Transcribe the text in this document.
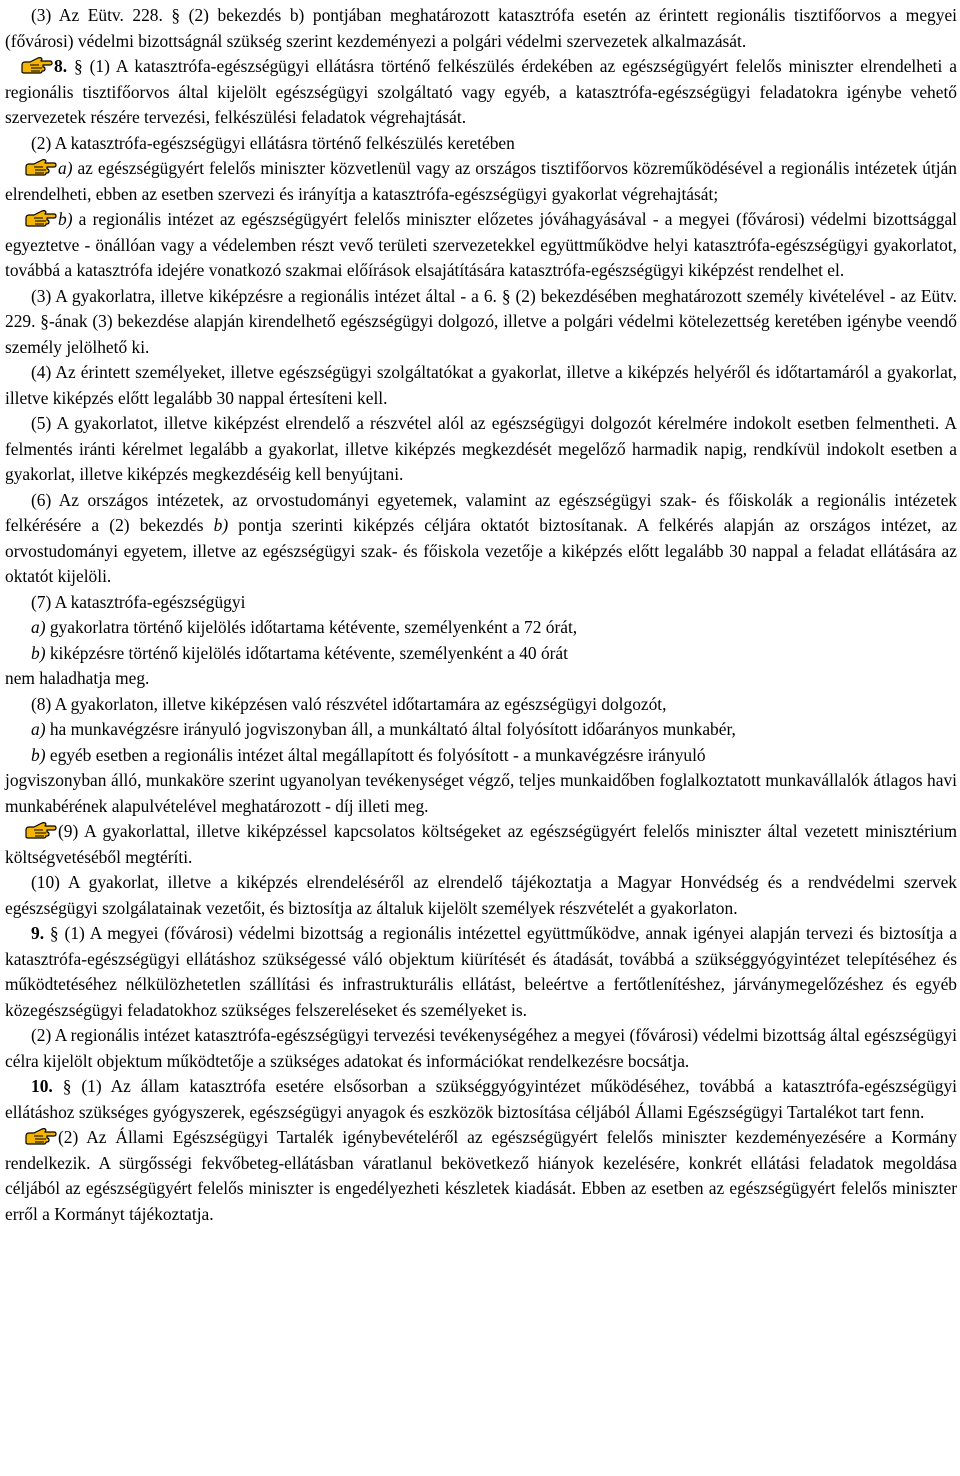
(3) Az Eütv. 228. § (2) bekezdés b) pontjában meghatározott katasztrófa esetén az érintett regionális tisztifőorvos a megyei (fővárosi) védelmi bizottságnál szükség szerint kezdeményezi a polgári védelmi szervezetek alkalmazását.

8. § (1) A katasztrófa-egészségügyi ellátásra történő felkészülés érdekében az egészségügyért felelős miniszter elrendelheti a regionális tisztifőorvos által kijelölt egészségügyi szolgáltató vagy egyéb, a katasztrófa-egészségügyi feladatokra igénybe vehető szervezetek részére tervezési, felkészülési feladatok végrehajtását.

(2) A katasztrófa-egészségügyi ellátásra történő felkészülés keretében

a) az egészségügyért felelős miniszter közvetlenül vagy az országos tisztifőorvos közreműködésével a regionális intézetek útján elrendelheti, ebben az esetben szervezi és irányítja a katasztrófa-egészségügyi gyakorlat végrehajtását;

b) a regionális intézet az egészségügyért felelős miniszter előzetes jóváhagyásával - a megyei (fővárosi) védelmi bizottsággal egyeztetve - önállóan vagy a védelemben részt vevő területi szervezetekkel együttműködve helyi katasztrófa-egészségügyi gyakorlatot, továbbá a katasztrófa idejére vonatkozó szakmai előírások elsajátítására katasztrófa-egészségügyi kiképzést rendelhet el.

(3) A gyakorlatra, illetve kiképzésre a regionális intézet által - a 6. § (2) bekezdésében meghatározott személy kivételével - az Eütv. 229. §-ának (3) bekezdése alapján kirendelhető egészségügyi dolgozó, illetve a polgári védelmi kötelezettség keretében igénybe veendő személy jelölhető ki.

(4) Az érintett személyeket, illetve egészségügyi szolgáltatókat a gyakorlat, illetve a kiképzés helyéről és időtartamáról a gyakorlat, illetve kiképzés előtt legalább 30 nappal értesíteni kell.

(5) A gyakorlatot, illetve kiképzést elrendelő a részvétel alól az egészségügyi dolgozót kérelmére indokolt esetben felmentheti. A felmentés iránti kérelmet legalább a gyakorlat, illetve kiképzés megkezdését megelőző harmadik napig, rendkívül indokolt esetben a gyakorlat, illetve kiképzés megkezdéséig kell benyújtani.

(6) Az országos intézetek, az orvostudományi egyetemek, valamint az egészségügyi szak- és főiskolák a regionális intézetek felkérésére a (2) bekezdés b) pontja szerinti kiképzés céljára oktatót biztosítanak. A felkérés alapján az országos intézet, az orvostudományi egyetem, illetve az egészségügyi szak- és főiskola vezetője a kiképzés előtt legalább 30 nappal a feladat ellátására az oktatót kijelöli.

(7) A katasztrófa-egészségügyi

a) gyakorlatra történő kijelölés időtartama kétévente, személyenként a 72 órát,

b) kiképzésre történő kijelölés időtartama kétévente, személyenként a 40 órát

nem haladhatja meg.

(8) A gyakorlaton, illetve kiképzésen való részvétel időtartamára az egészségügyi dolgozót,

a) ha munkavégzésre irányuló jogviszonyban áll, a munkáltató által folyósított időarányos munkabér,

b) egyéb esetben a regionális intézet által megállapított és folyósított - a munkavégzésre irányuló

jogviszonyban álló, munkaköre szerint ugyanolyan tevékenységet végző, teljes munkaidőben foglalkoztatott munkavállalók átlagos havi munkabérének alapulvételével meghatározott - díj illeti meg.

(9) A gyakorlattal, illetve kiképzéssel kapcsolatos költségeket az egészségügyért felelős miniszter által vezetett minisztérium költségvetéséből megtéríti.

(10) A gyakorlat, illetve a kiképzés elrendeléséről az elrendelő tájékoztatja a Magyar Honvédség és a rendvédelmi szervek egészségügyi szolgálatainak vezetőit, és biztosítja az általuk kijelölt személyek részvételét a gyakorlaton.

9. § (1) A megyei (fővárosi) védelmi bizottság a regionális intézettel együttműködve, annak igényei alapján tervezi és biztosítja a katasztrófa-egészségügyi ellátáshoz szükségessé váló objektum kiürítését és átadását, továbbá a szükséggyógyintézet telepítéséhez és működtetéséhez nélkülözhetetlen szállítási és infrastrukturális ellátást, beleértve a fertőtlenítéshez, járványmegelőzéshez és egyéb közegészségügyi feladatokhoz szükséges felszereléseket és személyeket is.

(2) A regionális intézet katasztrófa-egészségügyi tervezési tevékenységéhez a megyei (fővárosi) védelmi bizottság által egészségügyi célra kijelölt objektum működtetője a szükséges adatokat és információkat rendelkezésre bocsátja.

10. § (1) Az állam katasztrófa esetére elsősorban a szükséggyógyintézet működéséhez, továbbá a katasztrófa-egészségügyi ellátáshoz szükséges gyógyszerek, egészségügyi anyagok és eszközök biztosítása céljából Állami Egészségügyi Tartalékot tart fenn.

(2) Az Állami Egészségügyi Tartalék igénybevételéről az egészségügyért felelős miniszter kezdeményezésére a Kormány rendelkezik. A sürgősségi fekvőbeteg-ellátásban váratlanul bekövetkező hiányok kezelésére, konkrét ellátási feladatok megoldása céljából az egészségügyért felelős miniszter is engedélyezheti készletek kiadását. Ebben az esetben az egészségügyért felelős miniszter erről a Kormányt tájékoztatja.
